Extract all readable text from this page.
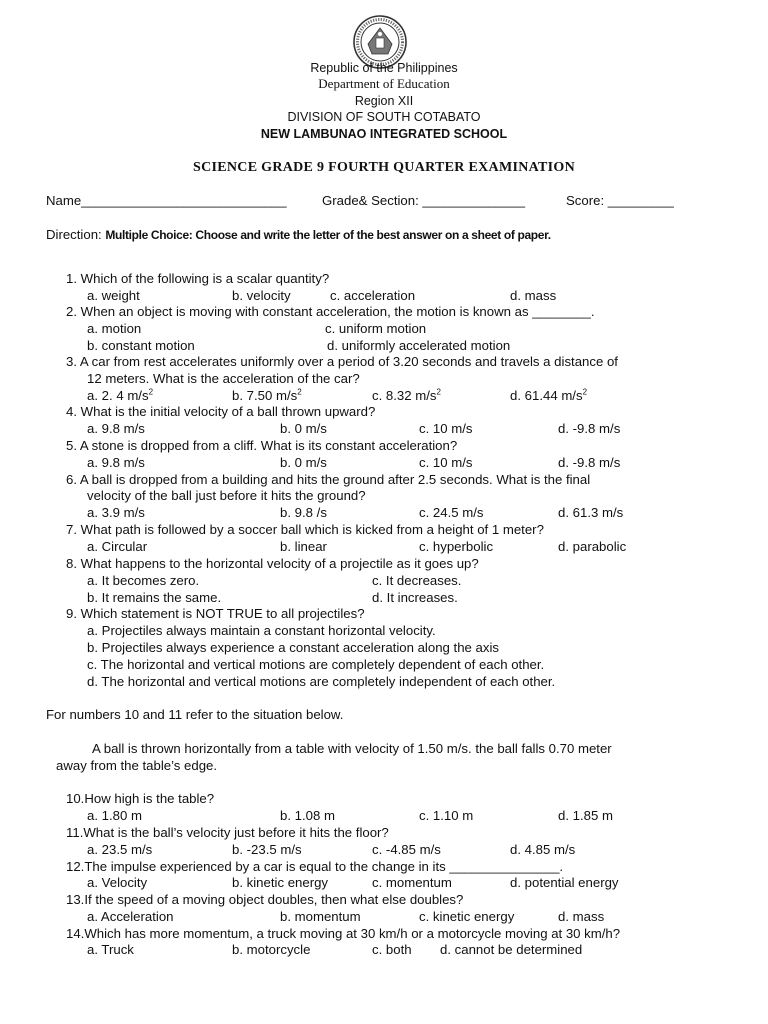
Republic of the Philippines
Department of Education
Region XII
DIVISION OF SOUTH COTABATO
NEW LAMBUNAO INTEGRATED SCHOOL
SCIENCE GRADE 9 FOURTH QUARTER EXAMINATION
Name____________________________	Grade& Section: ______________	Score: _________
Direction: Multiple Choice: Choose and write the letter of the best answer on a sheet of paper.
1. Which of the following is a scalar quantity?
a. weight	b. velocity	c. acceleration	d. mass
2. When an object is moving with constant acceleration, the motion is known as ________.
a. motion	c. uniform motion
b. constant motion	d. uniformly accelerated motion
3. A car from rest accelerates uniformly over a period of 3.20 seconds and travels a distance of
12 meters. What is the acceleration of the car?
a. 2. 4 $m/s^2$	b. 7.50 $m/s^2$	c. 8.32 $m/s^2$	d. 61.44 $m/s^2$
4. What is the initial velocity of a ball thrown upward?
a. 9.8 m/s	b. 0 m/s	c. 10 m/s	d. -9.8 m/s
5. A stone is dropped from a cliff. What is its constant acceleration?
a. 9.8 m/s	b. 0 m/s	c. 10 m/s	d. -9.8 m/s
6. A ball is dropped from a building and hits the ground after 2.5 seconds. What is the final
velocity of the ball just before it hits the ground?
a. 3.9 m/s	b. 9.8 /s	c. 24.5 m/s	d. 61.3 m/s
7. What path is followed by a soccer ball which is kicked from a height of 1 meter?
a. Circular	b. linear	c. hyperbolic	d. parabolic
8. What happens to the horizontal velocity of a projectile as it goes up?
a. It becomes zero.	c. It decreases.
b. It remains the same.	d. It increases.
9. Which statement is NOT TRUE to all projectiles?
a. Projectiles always maintain a constant horizontal velocity.
b. Projectiles always experience a constant acceleration along the axis
c. The horizontal and vertical motions are completely dependent of each other.
d. The horizontal and vertical motions are completely independent of each other.
For numbers 10 and 11 refer to the situation below.
A ball is thrown horizontally from a table with velocity of 1.50 m/s. the ball falls 0.70 meter
away from the table’s edge.
10.How high is the table?
a. 1.80 m	b. 1.08 m	c. 1.10 m	d. 1.85 m
11.What is the ball’s velocity just before it hits the floor?
a. 23.5 m/s	b. -23.5 m/s	c. -4.85 m/s	d. 4.85 m/s
12.The impulse experienced by a car is equal to the change in its _______________.
a. Velocity	b. kinetic energy	c. momentum	d. potential energy
13.If the speed of a moving object doubles, then what else doubles?
a. Acceleration	b. momentum	c. kinetic energy	d. mass
14.Which has more momentum, a truck moving at 30 km/h or a motorcycle moving at 30 km/h?
a. Truck	b. motorcycle	c. both d. cannot be determined
